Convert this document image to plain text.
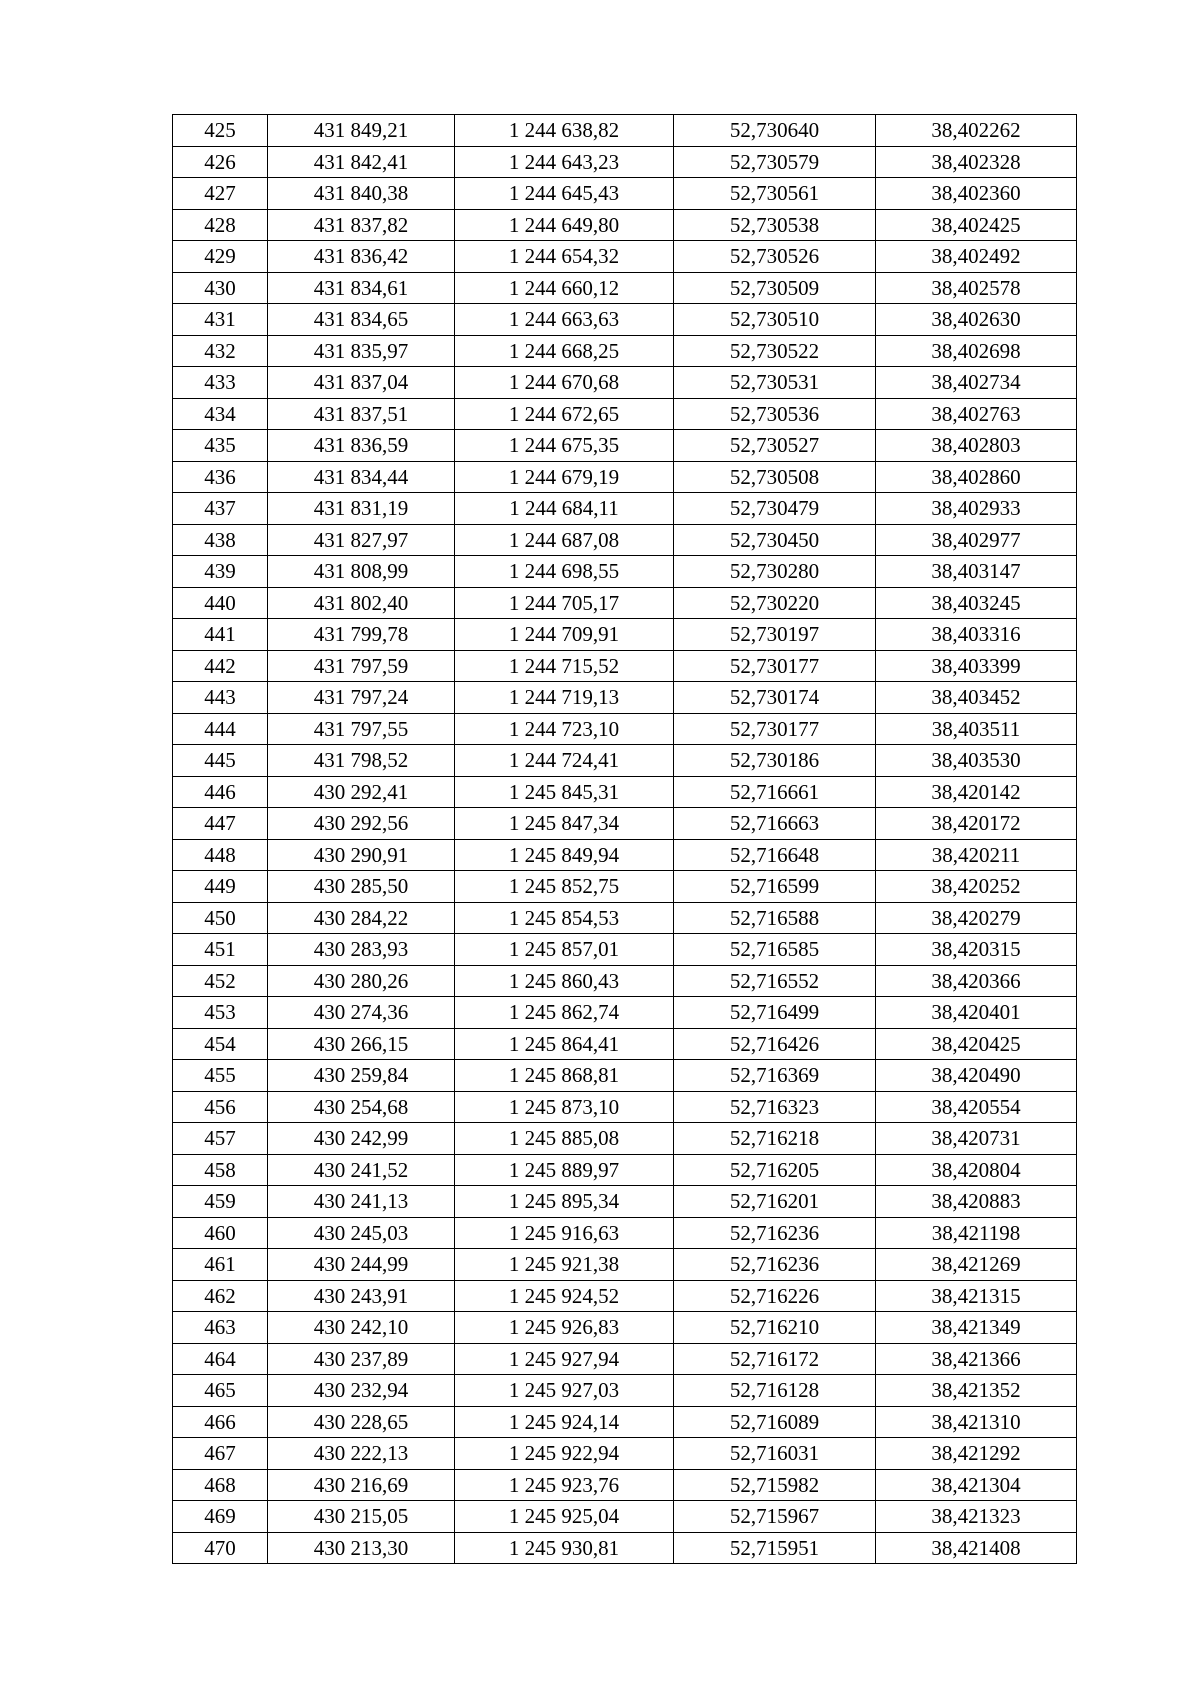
425	431 849,21	1 244 638,82	52,730640	38,402262
426	431 842,41	1 244 643,23	52,730579	38,402328
427	431 840,38	1 244 645,43	52,730561	38,402360
428	431 837,82	1 244 649,80	52,730538	38,402425
429	431 836,42	1 244 654,32	52,730526	38,402492
430	431 834,61	1 244 660,12	52,730509	38,402578
431	431 834,65	1 244 663,63	52,730510	38,402630
432	431 835,97	1 244 668,25	52,730522	38,402698
433	431 837,04	1 244 670,68	52,730531	38,402734
434	431 837,51	1 244 672,65	52,730536	38,402763
435	431 836,59	1 244 675,35	52,730527	38,402803
436	431 834,44	1 244 679,19	52,730508	38,402860
437	431 831,19	1 244 684,11	52,730479	38,402933
438	431 827,97	1 244 687,08	52,730450	38,402977
439	431 808,99	1 244 698,55	52,730280	38,403147
440	431 802,40	1 244 705,17	52,730220	38,403245
441	431 799,78	1 244 709,91	52,730197	38,403316
442	431 797,59	1 244 715,52	52,730177	38,403399
443	431 797,24	1 244 719,13	52,730174	38,403452
444	431 797,55	1 244 723,10	52,730177	38,403511
445	431 798,52	1 244 724,41	52,730186	38,403530
446	430 292,41	1 245 845,31	52,716661	38,420142
447	430 292,56	1 245 847,34	52,716663	38,420172
448	430 290,91	1 245 849,94	52,716648	38,420211
449	430 285,50	1 245 852,75	52,716599	38,420252
450	430 284,22	1 245 854,53	52,716588	38,420279
451	430 283,93	1 245 857,01	52,716585	38,420315
452	430 280,26	1 245 860,43	52,716552	38,420366
453	430 274,36	1 245 862,74	52,716499	38,420401
454	430 266,15	1 245 864,41	52,716426	38,420425
455	430 259,84	1 245 868,81	52,716369	38,420490
456	430 254,68	1 245 873,10	52,716323	38,420554
457	430 242,99	1 245 885,08	52,716218	38,420731
458	430 241,52	1 245 889,97	52,716205	38,420804
459	430 241,13	1 245 895,34	52,716201	38,420883
460	430 245,03	1 245 916,63	52,716236	38,421198
461	430 244,99	1 245 921,38	52,716236	38,421269
462	430 243,91	1 245 924,52	52,716226	38,421315
463	430 242,10	1 245 926,83	52,716210	38,421349
464	430 237,89	1 245 927,94	52,716172	38,421366
465	430 232,94	1 245 927,03	52,716128	38,421352
466	430 228,65	1 245 924,14	52,716089	38,421310
467	430 222,13	1 245 922,94	52,716031	38,421292
468	430 216,69	1 245 923,76	52,715982	38,421304
469	430 215,05	1 245 925,04	52,715967	38,421323
470	430 213,30	1 245 930,81	52,715951	38,421408
